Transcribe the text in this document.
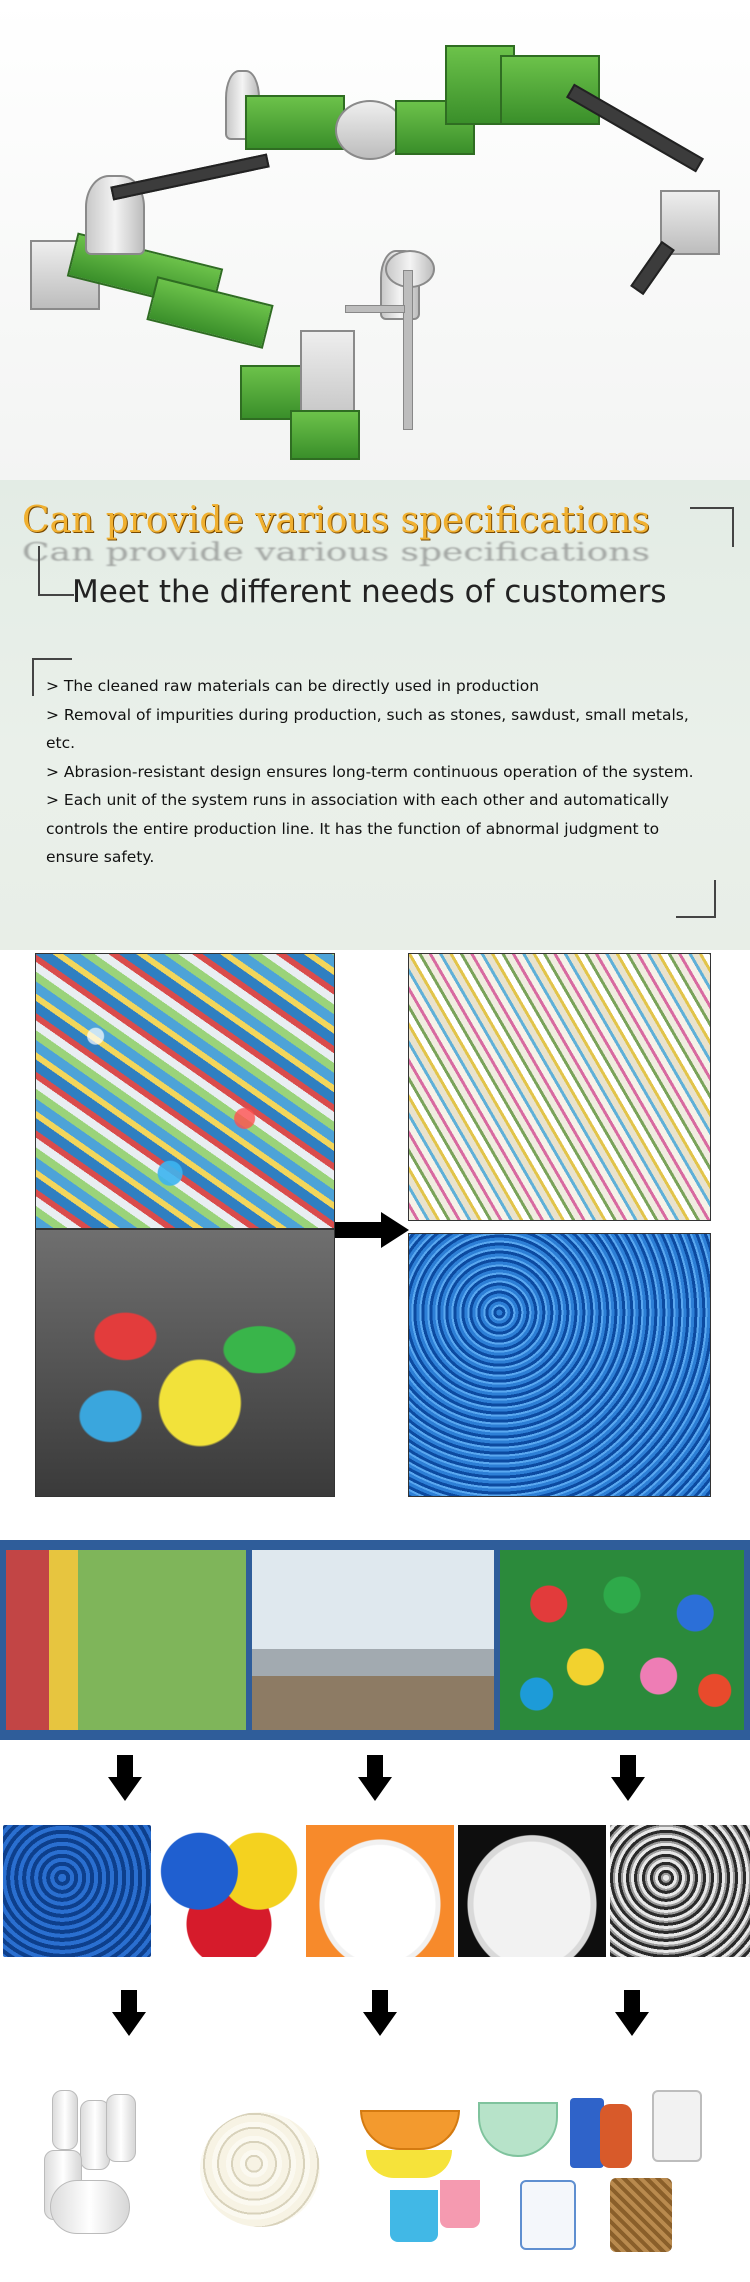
Can provide various specifications
Can provide various specifications
Meet the different needs of customers
> The cleaned raw materials can be directly used in production
> Removal of impurities during production, such as stones, sawdust, small metals, etc.
> Abrasion-resistant design ensures long-term continuous operation of the system.
> Each unit of the system runs in association with each other and automatically controls the entire production line. It has the function of abnormal judgment to ensure safety.
